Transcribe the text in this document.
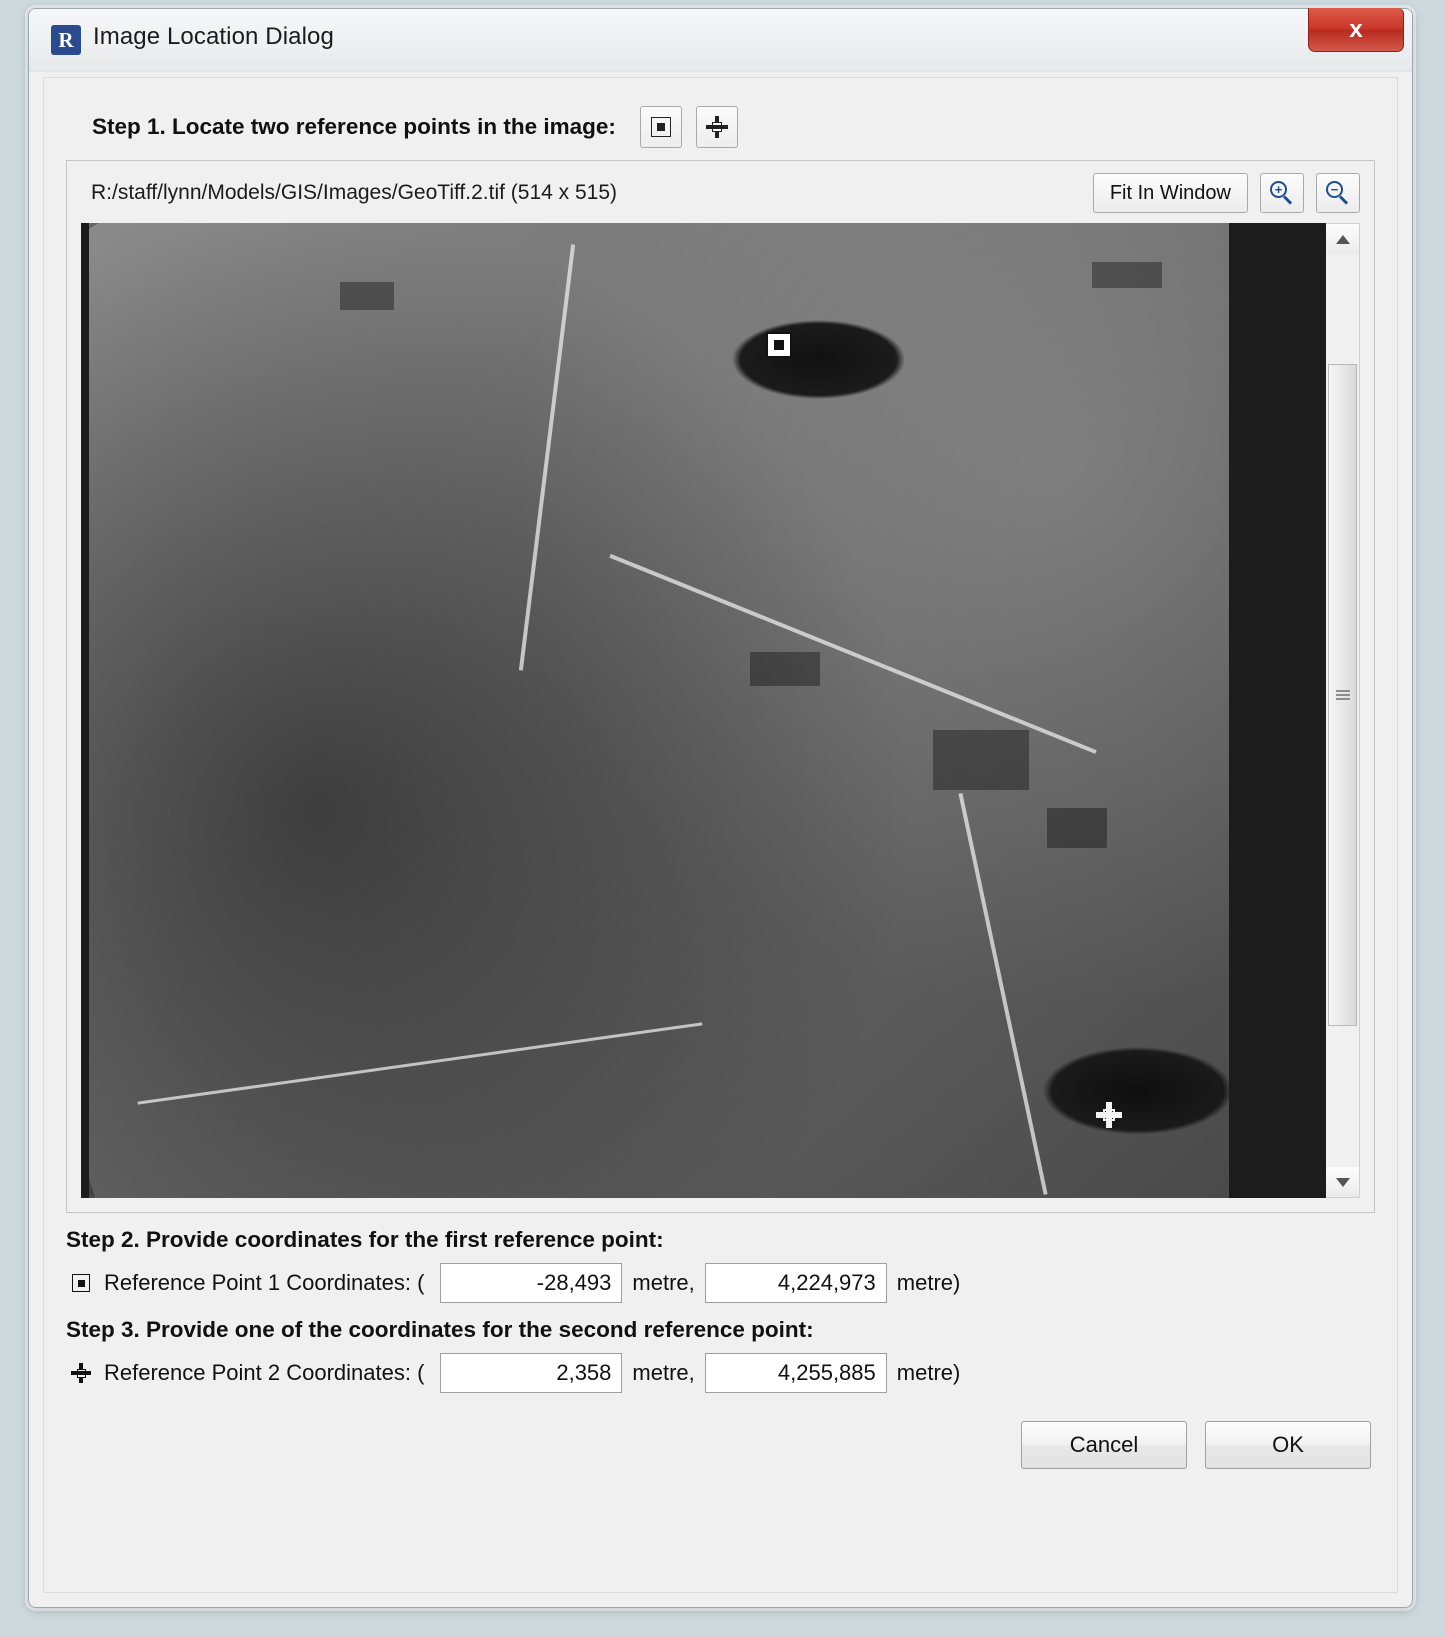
R Image Location Dialog	x
Step 1. Locate two reference points in the image:
R:/staff/lynn/Models/GIS/Images/GeoTiff.2.tif (514 x 515)	Fit In Window	+	−
Step 2. Provide coordinates for the first reference point:
Reference Point 1 Coordinates: (
-28,493	metre,
4,224,973	metre)
Step 3. Provide one of the coordinates for the second reference point:
Reference Point 2 Coordinates: (
2,358	metre,
4,255,885	metre)
Cancel	OK
